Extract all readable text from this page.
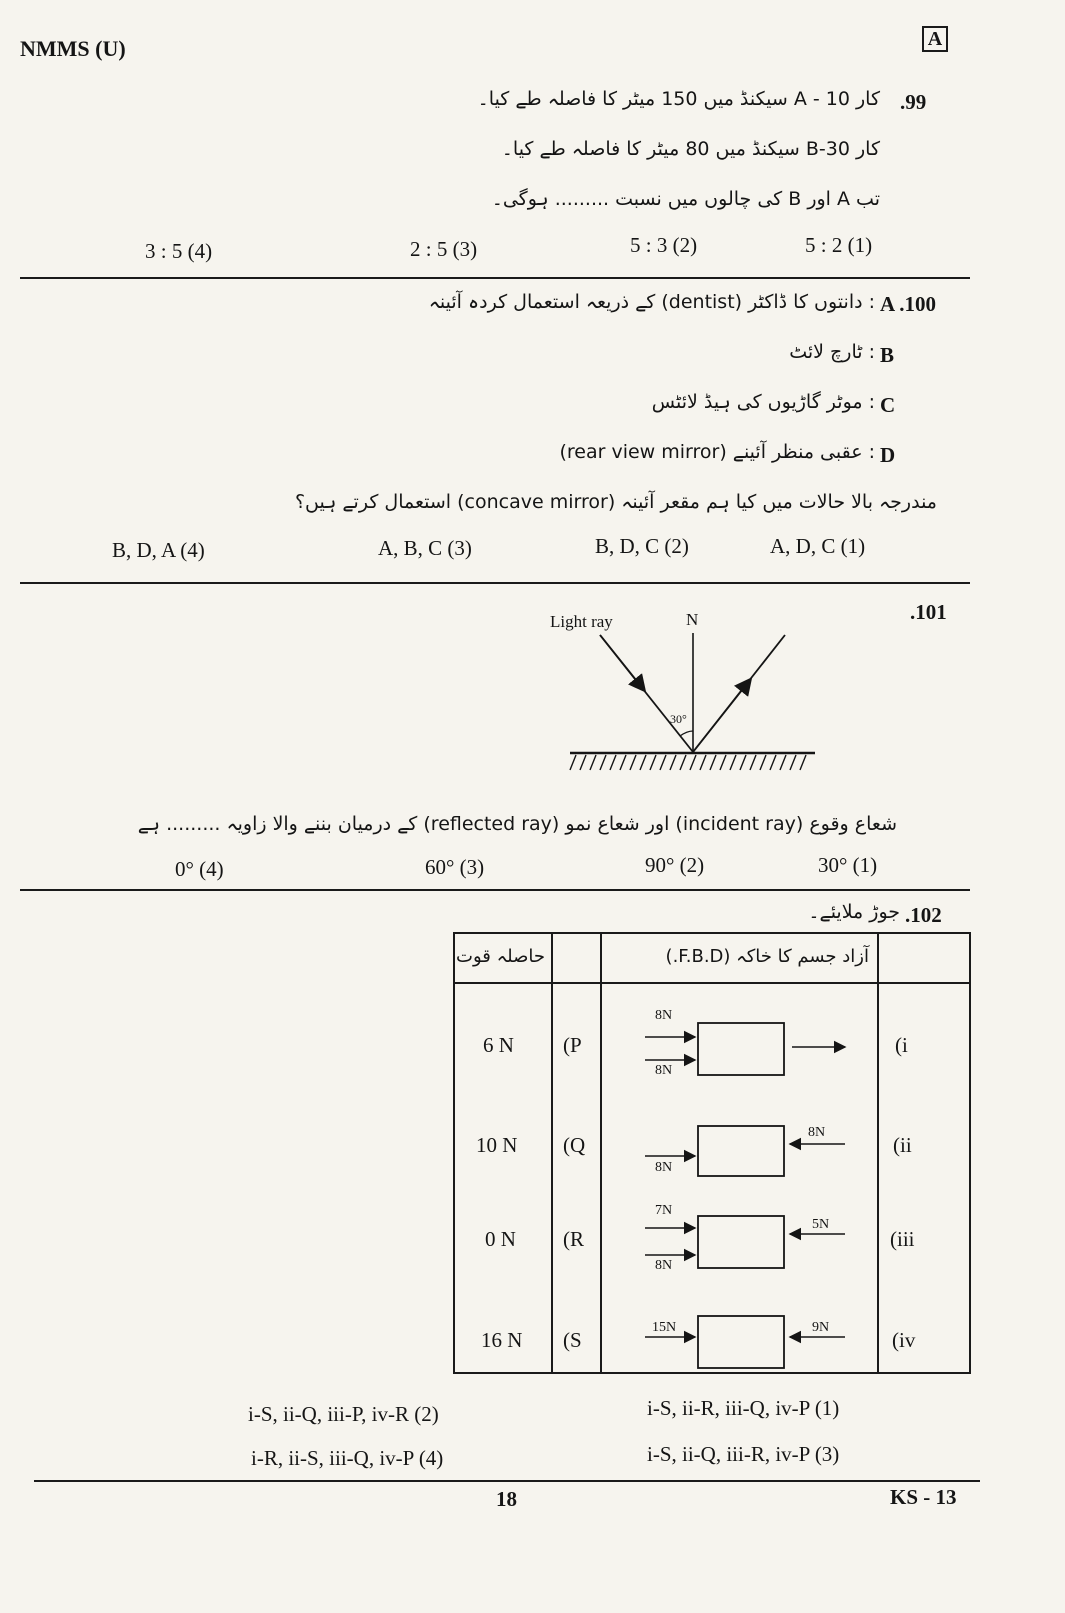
NMMS (U)	A
.99
کار A - 10 سیکنڈ میں 150 میٹر کا فاصلہ طے کیا۔
کار B-30 سیکنڈ میں 80 میٹر کا فاصلہ طے کیا۔
تب A اور B کی چالوں میں نسبت ......... ہوگی۔
5 : 2 (1)
5 : 3 (2)
2 : 5 (3)
3 : 5 (4)
A .100
: دانتوں کا ڈاکٹر (dentist) کے ذریعہ استعمال کردہ آئینہ
B
: ٹارچ لائٹ
C
: موٹر گاڑیوں کی ہیڈ لائٹس
D
: عقبی منظر آئینے (rear view mirror)
مندرجہ بالا حالات میں کیا ہم مقعر آئینہ (concave mirror) استعمال کرتے ہیں؟
A, D, C (1)
B, D, C (2)
A, B, C (3)
B, D, A (4)
.101
Light ray	N
30°
شعاع وقوع (incident ray) اور شعاع نمو (reflected ray) کے درمیان بننے والا زاویہ ......... ہے
30° (1)
90° (2)
60° (3)
0° (4)
.102
جوڑ ملایئے۔
حاصلہ قوت	آزاد جسم کا خاکہ (F.B.D.)
6 N (P	(i
8N
8N
10 N (Q	(ii
8N
8N
0 N (R	(iii
7N
8N
5N
16 N (S	(iv
15N	9N
i-S, ii-R, iii-Q, iv-P (1)
i-S, ii-Q, iii-P, iv-R (2)
i-S, ii-Q, iii-R, iv-P (3)
i-R, ii-S, iii-Q, iv-P (4)
18	KS - 13
